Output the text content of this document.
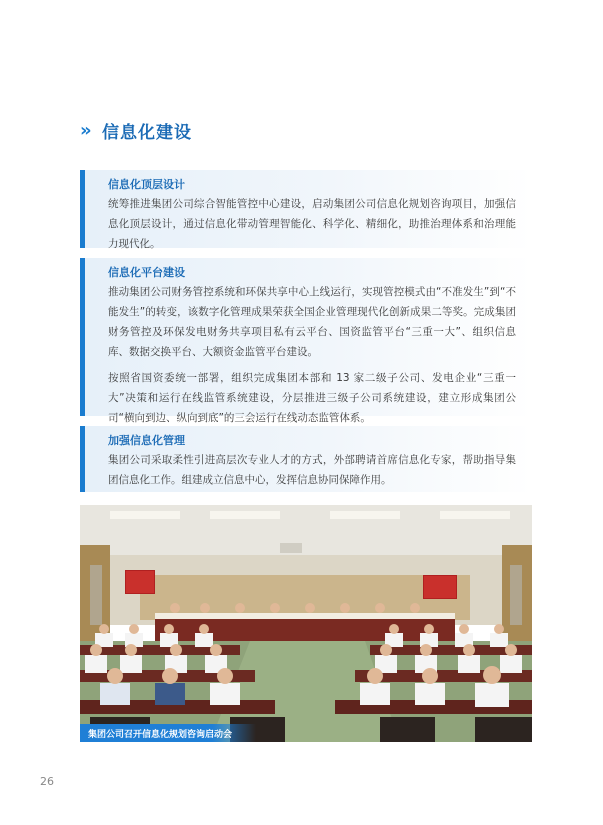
» 信息化建设
信息化顶层设计

统筹推进集团公司综合智能管控中心建设，启动集团公司信息化规划咨询项目，加强信息化顶层设计，通过信息化带动管理智能化、科学化、精细化，助推治理体系和治理能力现代化。

信息化平台建设

推动集团公司财务管控系统和环保共享中心上线运行，实现管控模式由“不准发生”到“不能发生”的转变，该数字化管理成果荣获全国企业管理现代化创新成果二等奖。完成集团财务管控及环保发电财务共享项目私有云平台、国资监管平台“三重一大”、组织信息库、数据交换平台、大额资金监管平台建设。

按照省国资委统一部署，组织完成集团本部和 13 家二级子公司、发电企业“三重一大”决策和运行在线监管系统建设，分层推进三级子公司系统建设，建立形成集团公司“横向到边、纵向到底”的三会运行在线动态监管体系。

加强信息化管理

集团公司采取柔性引进高层次专业人才的方式，外部聘请首席信息化专家，帮助指导集团信息化工作。组建成立信息中心，发挥信息协同保障作用。

集团公司召开信息化规划咨询启动会
26
